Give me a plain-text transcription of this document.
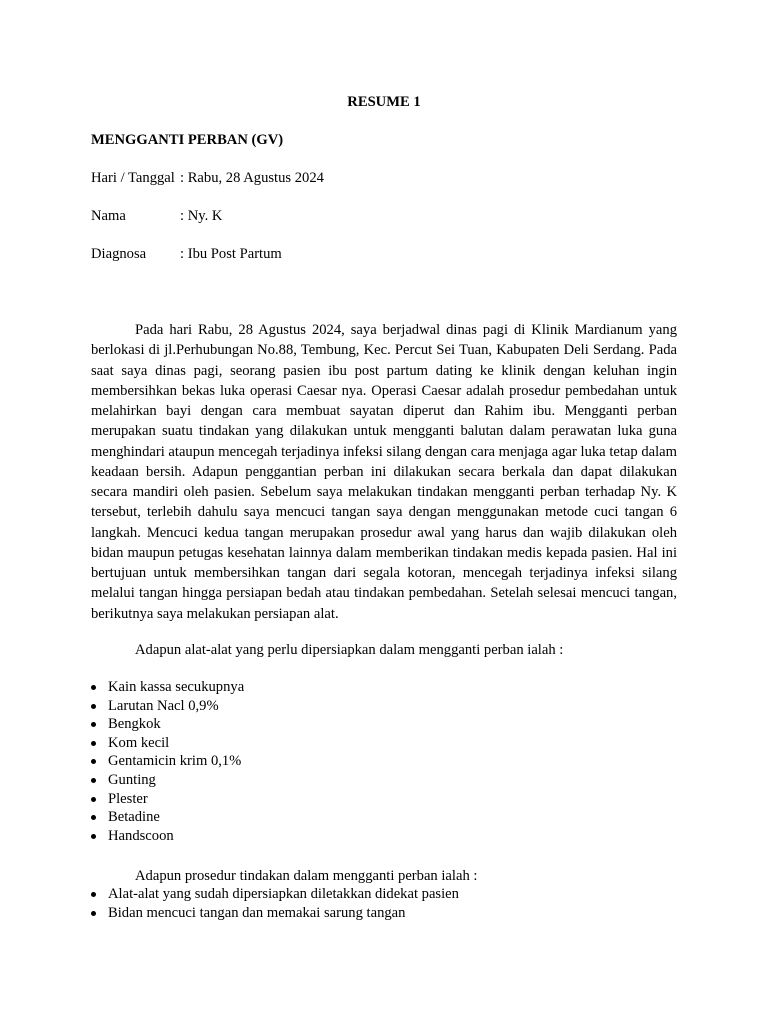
RESUME 1
MENGGANTI PERBAN (GV)
Hari / Tanggal : Rabu, 28 Agustus 2024
Nama	: Ny. K
Diagnosa : Ibu Post Partum

Pada hari Rabu, 28 Agustus 2024, saya berjadwal dinas pagi di Klinik Mardianum yang berlokasi di jl.Perhubungan No.88, Tembung, Kec. Percut Sei Tuan, Kabupaten Deli Serdang. Pada saat saya dinas pagi, seorang pasien ibu post partum dating ke klinik dengan keluhan ingin membersihkan bekas luka operasi Caesar nya. Operasi Caesar adalah prosedur pembedahan untuk melahirkan bayi dengan cara membuat sayatan diperut dan Rahim ibu. Mengganti perban merupakan suatu tindakan yang dilakukan untuk mengganti balutan dalam perawatan luka guna menghindari ataupun mencegah terjadinya infeksi silang dengan cara menjaga agar luka tetap dalam keadaan bersih. Adapun penggantian perban ini dilakukan secara berkala dan dapat dilakukan secara mandiri oleh pasien. Sebelum saya melakukan tindakan mengganti perban terhadap Ny. K tersebut, terlebih dahulu saya mencuci tangan saya dengan menggunakan metode cuci tangan 6 langkah. Mencuci kedua tangan merupakan prosedur awal yang harus dan wajib dilakukan oleh bidan maupun petugas kesehatan lainnya dalam memberikan tindakan medis kepada pasien. Hal ini bertujuan untuk membersihkan tangan dari segala kotoran, mencegah terjadinya infeksi silang melalui tangan hingga persiapan bedah atau tindakan pembedahan. Setelah selesai mencuci tangan, berikutnya saya melakukan persiapan alat.

Adapun alat-alat yang perlu dipersiapkan dalam mengganti perban ialah :

Kain kassa secukupnya
Larutan Nacl 0,9%
Bengkok
Kom kecil
Gentamicin krim 0,1%
Gunting
Plester
Betadine
Handscoon

Adapun prosedur tindakan dalam mengganti perban ialah :

Alat-alat yang sudah dipersiapkan diletakkan didekat pasien
Bidan mencuci tangan dan memakai sarung tangan
